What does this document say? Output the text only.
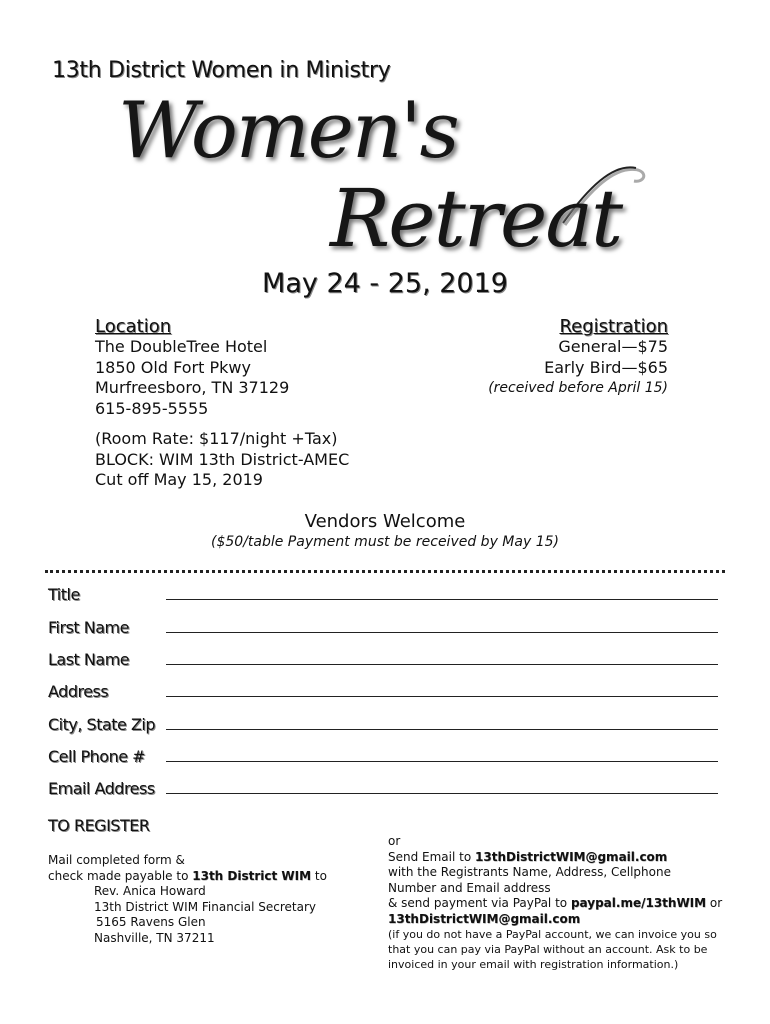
13th District Women in Ministry
Women's
Retreat
May 24 - 25, 2019
Location
The DoubleTree Hotel
1850 Old Fort Pkwy
Murfreesboro, TN 37129
615-895-5555
(Room Rate: $117/night +Tax)
BLOCK: WIM 13th District-AMEC
Cut off May 15, 2019
Registration
General—$75
Early Bird—$65
(received before April 15)
Vendors Welcome
($50/table Payment must be received by May 15)
Title
First Name
Last Name
Address
City, State Zip
Cell Phone #
Email Address
TO REGISTER
Mail completed form &
check made payable to 13th District WIM to
Rev. Anica Howard
13th District WIM Financial Secretary
5165 Ravens Glen
Nashville, TN 37211
or
Send Email to 13thDistrictWIM@gmail.com
with the Registrants Name, Address, Cellphone
Number and Email address
& send payment via PayPal to paypal.me/13thWIM or
13thDistrictWIM@gmail.com
(if you do not have a PayPal account, we can invoice you so that you can pay via PayPal without an account. Ask to be invoiced in your email with registration information.)
